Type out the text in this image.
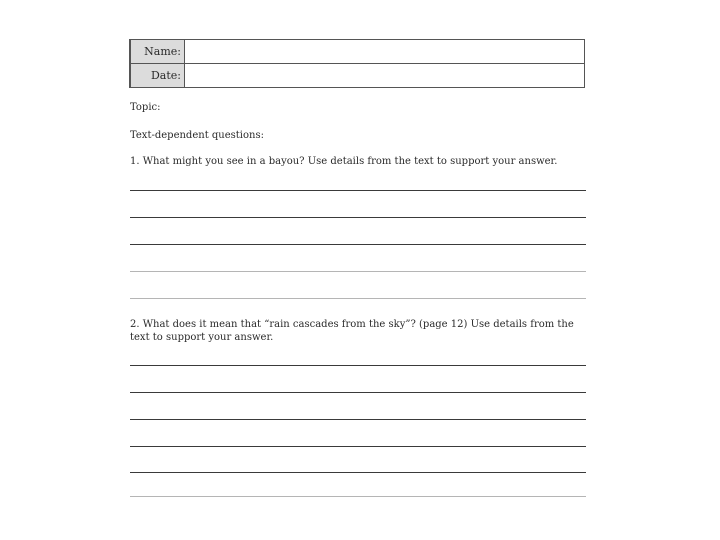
Name:	
Date:	
Topic:
Text-dependent questions:
1. What might you see in a bayou? Use details from the text to support your answer.
2. What does it mean that “rain cascades from the sky”? (page 12) Use details from the text to support your answer.
